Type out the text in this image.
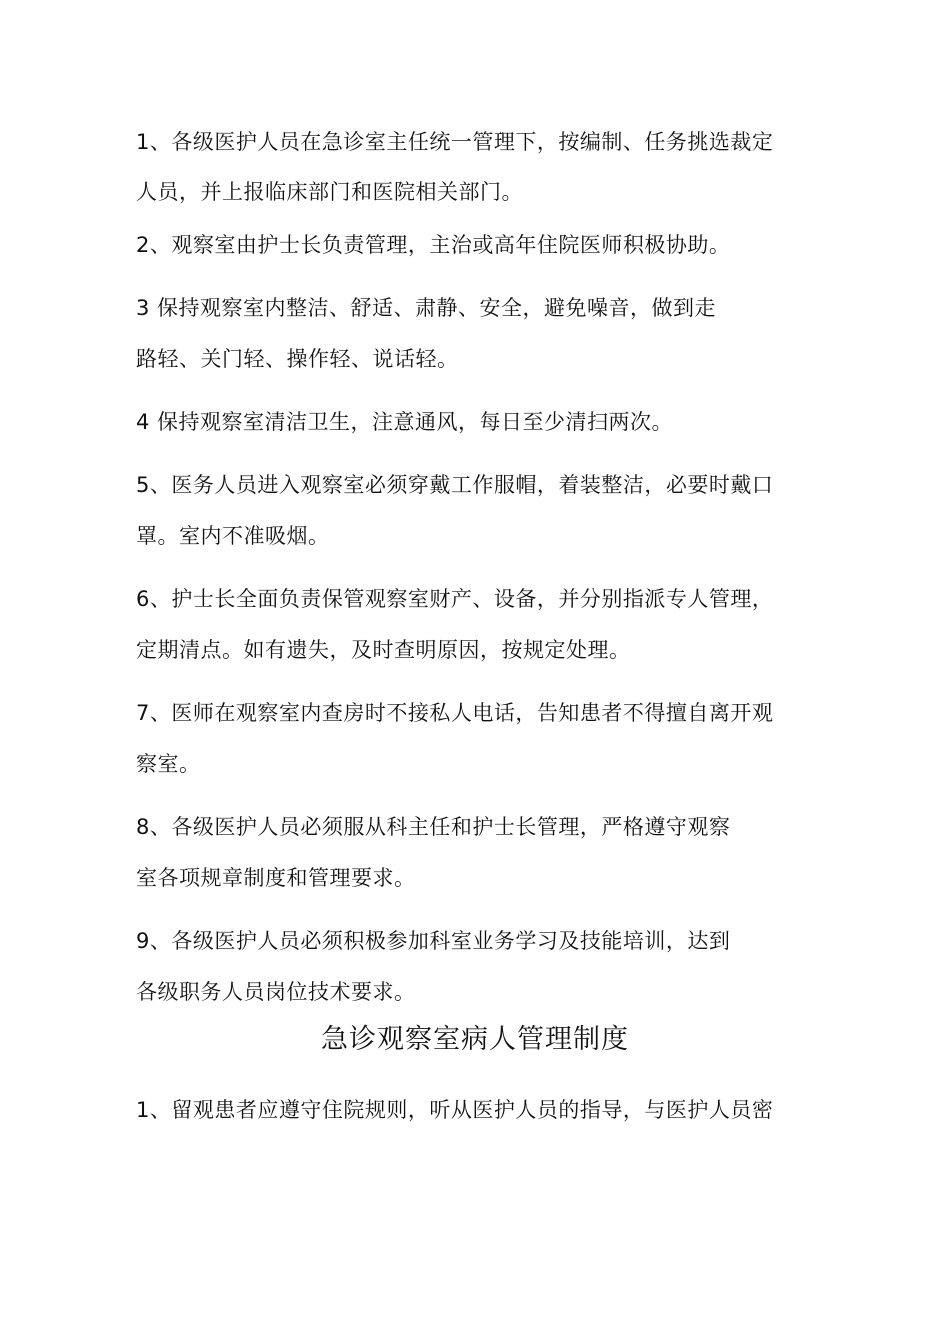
1、各级医护人员在急诊室主任统一管理下，按编制、任务挑选裁定
人员，并上报临床部门和医院相关部门。
2、观察室由护士长负责管理，主治或高年住院医师积极协助。
3 保持观察室内整洁、舒适、肃静、安全，避免噪音，做到走
路轻、关门轻、操作轻、说话轻。
4 保持观察室清洁卫生，注意通风，每日至少清扫两次。
5、医务人员进入观察室必须穿戴工作服帽，着装整洁，必要时戴口
罩。室内不准吸烟。
6、护士长全面负责保管观察室财产、设备，并分别指派专人管理，
定期清点。如有遗失，及时查明原因，按规定处理。
7、医师在观察室内查房时不接私人电话，告知患者不得擅自离开观
察室。
8、各级医护人员必须服从科主任和护士长管理，严格遵守观察
室各项规章制度和管理要求。
9、各级医护人员必须积极参加科室业务学习及技能培训，达到
各级职务人员岗位技术要求。
急诊观察室病人管理制度
1、留观患者应遵守住院规则，听从医护人员的指导，与医护人员密
